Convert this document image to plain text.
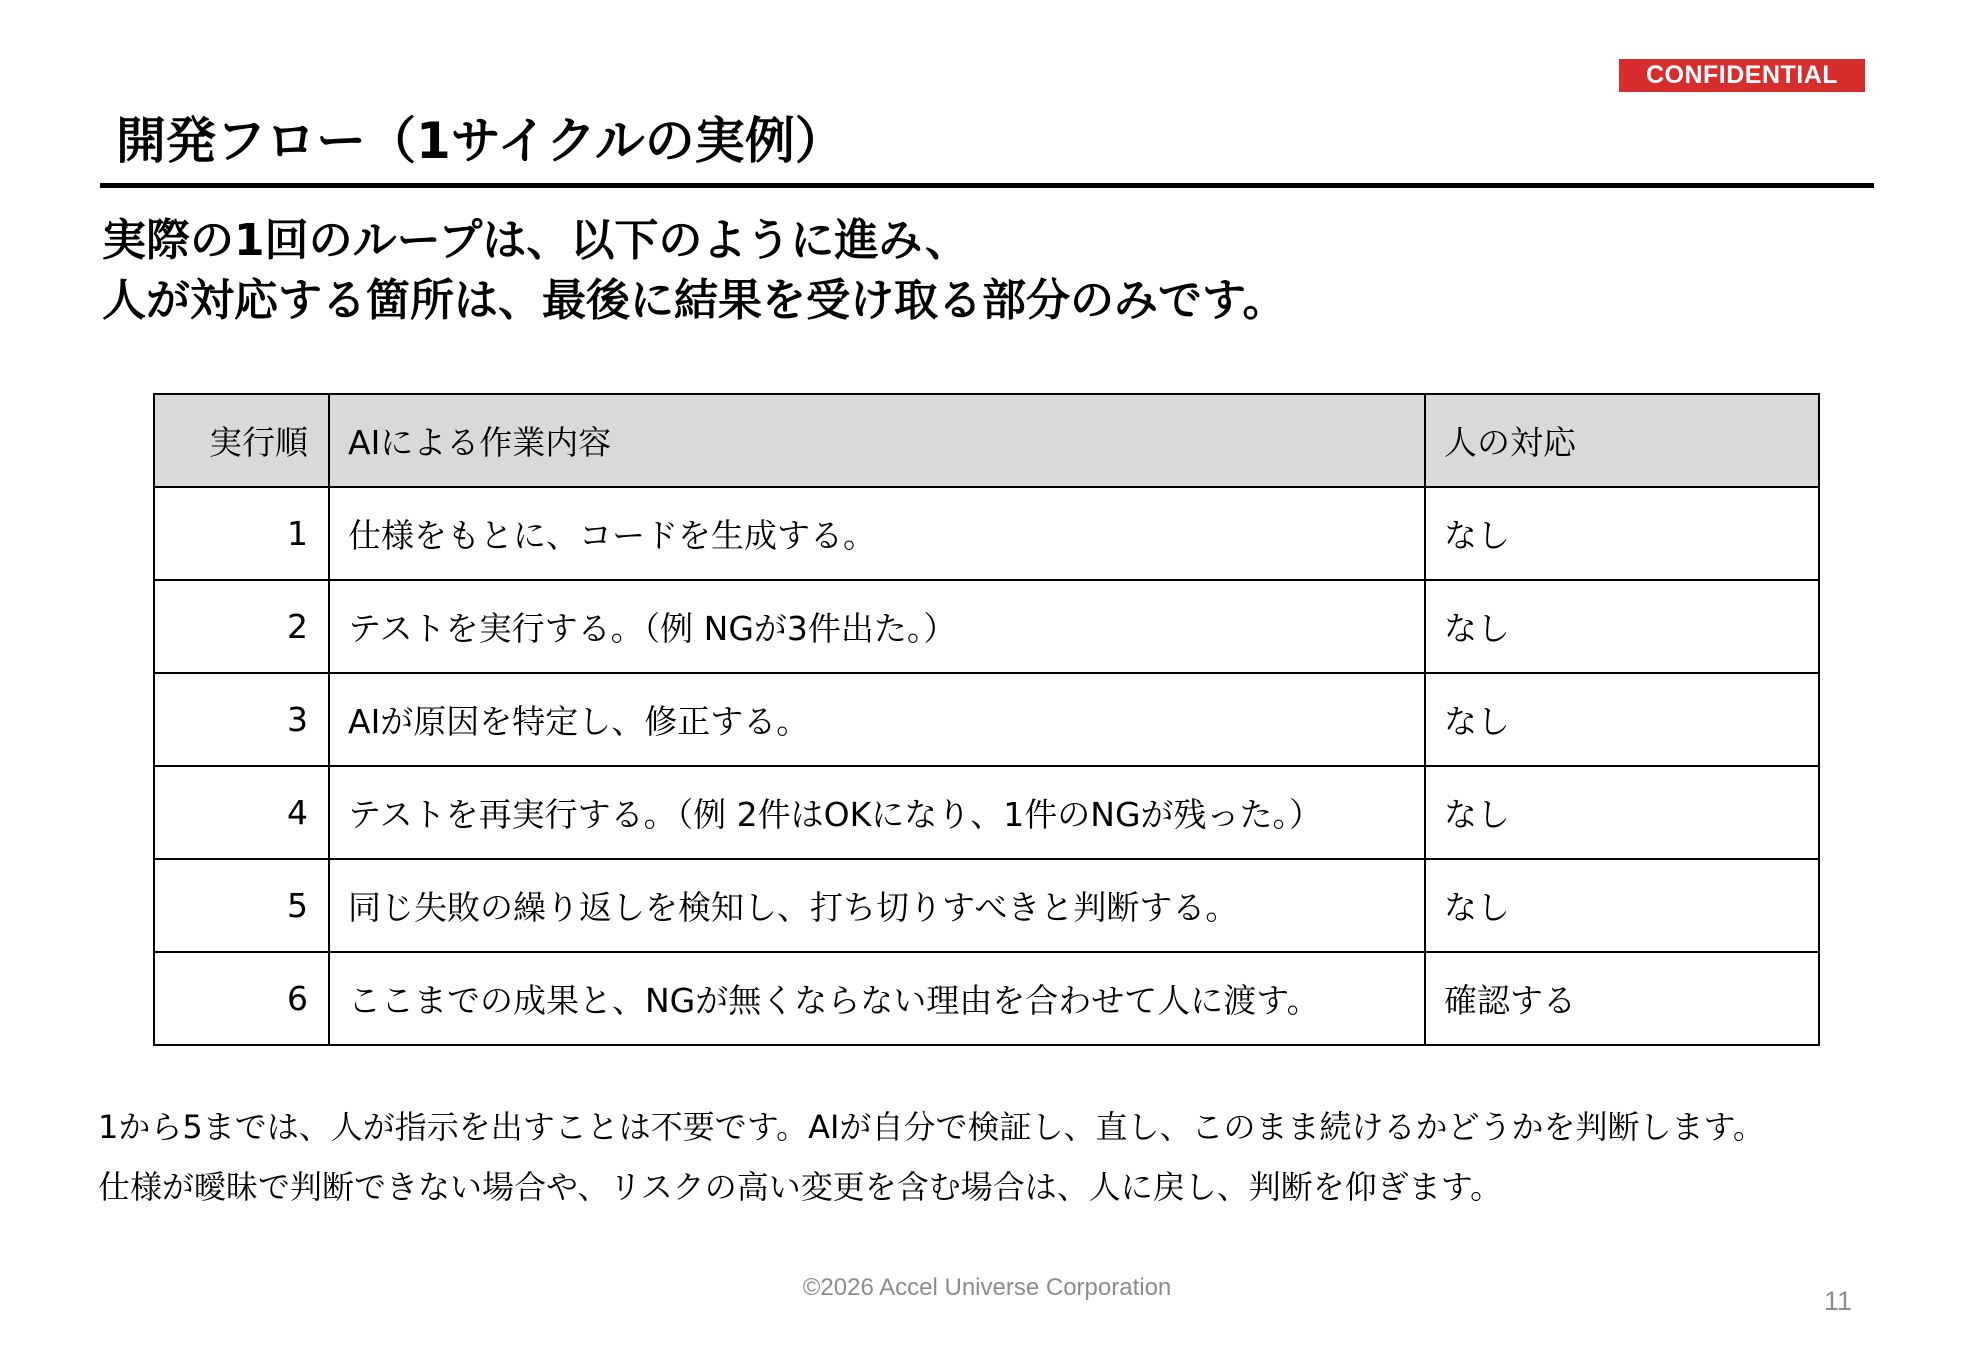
CONFIDENTIAL
開発フロー（1サイクルの実例）
実際の1回のループは、以下のように進み、
人が対応する箇所は、最後に結果を受け取る部分のみです。
実行順	AIによる作業内容	人の対応
1	仕様をもとに、コードを生成する。	なし
2	テストを実行する。（例 NGが3件出た。）	なし
3	AIが原因を特定し、修正する。	なし
4	テストを再実行する。（例 2件はOKになり、1件のNGが残った。）	なし
5	同じ失敗の繰り返しを検知し、打ち切りすべきと判断する。	なし
6	ここまでの成果と、NGが無くならない理由を合わせて人に渡す。	確認する
1から5までは、人が指示を出すことは不要です。AIが自分で検証し、直し、このまま続けるかどうかを判断します。
仕様が曖昧で判断できない場合や、リスクの高い変更を含む場合は、人に戻し、判断を仰ぎます。
©2026 Accel Universe Corporation	11
